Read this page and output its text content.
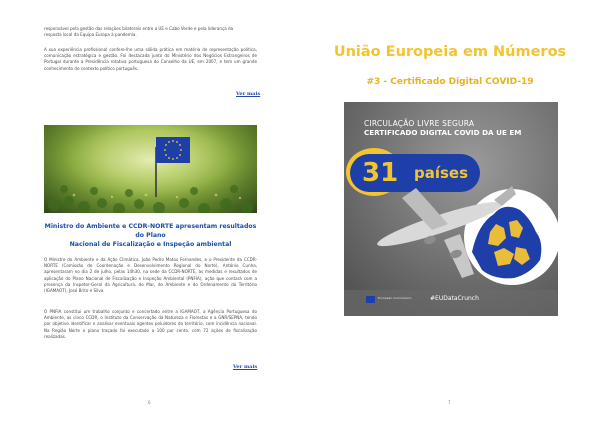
responsável pela gestão das relações bilaterais entre a UE e Cabo Verde e pela liderança da
resposta local da Equipa Europa à pandemia.

A sua experiência profissional confere-lhe uma sólida prática em matéria de representação política, comunicação estratégica e gestão. Foi destacada junto do Ministério dos Negócios Estrangeiros de Portugal durante a Presidência rotativa portuguesa do Conselho da UE, em 2007, e tem um grande conhecimento do contexto político português.

Ver mais
6
Ministro do Ambiente e CCDR-NORTE apresentam resultados do Plano
Nacional de Fiscalização e Inspeção ambiental

O Ministro do Ambiente e da Ação Climática, João Pedro Matos Fernandes, e o Presidente da CCDR-NORTE (Comissão de Coordenação e Desenvolvimento Regional do Norte), António Cunha, apresentaram no dia 2 de julho, pelas 14h30, na sede da CCDR-NORTE, as medidas e resultados de aplicação do Plano Nacional de Fiscalização e Inspeção Ambiental (PNFIA), ação que contará com a presença da Inspetor-Geral da Agricultura, do Mar, do Ambiente e do Ordenamento do Território (IGAMAOT), José Brito e Silva.

O PNFIA constitui um trabalho conjunto e concertado entre a IGAMAOT, a Agência Portuguesa do Ambiente, as cinco CCDR, o Instituto da Conservação da Natureza e Florestas e a GNR/SEPNA, tendo por objetivo identificar e analisar eventuais agentes poluidores do território, com incidência nacional. Na Região Norte o plano traçado foi executado a 100 por cento, com 72 ações de fiscalização realizadas.

Ver mais
7
União Europeia em Números
#3 - Certificado Digital COVID-19
CIRCULAÇÃO LIVRE SEGURA
CERTIFICADO DIGITAL COVID DA UE EM
31 países
European Commission	#EUDataCrunch
